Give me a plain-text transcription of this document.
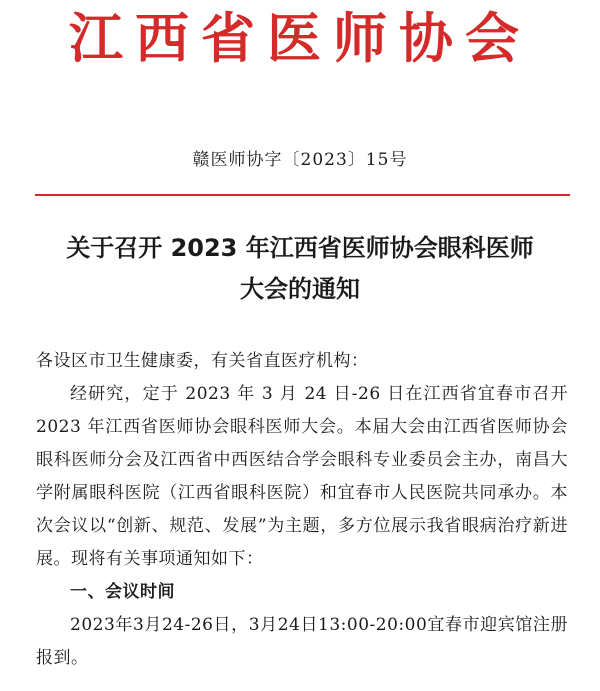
江西省医师协会
赣医师协字〔2023〕15号
关于召开 2023 年江西省医师协会眼科医师
大会的通知

各设区市卫生健康委，有关省直医疗机构：

经研究，定于 2023 年 3 月 24 日-26 日在江西省宜春市召开 2023 年江西省医师协会眼科医师大会。本届大会由江西省医师协会眼科医师分会及江西省中西医结合学会眼科专业委员会主办，南昌大学附属眼科医院（江西省眼科医院）和宜春市人民医院共同承办。本次会议以“创新、规范、发展”为主题，多方位展示我省眼病治疗新进展。现将有关事项通知如下：

一、会议时间

2023年3月24-26日，3月24日13:00-20:00宜春市迎宾馆注册报到。
